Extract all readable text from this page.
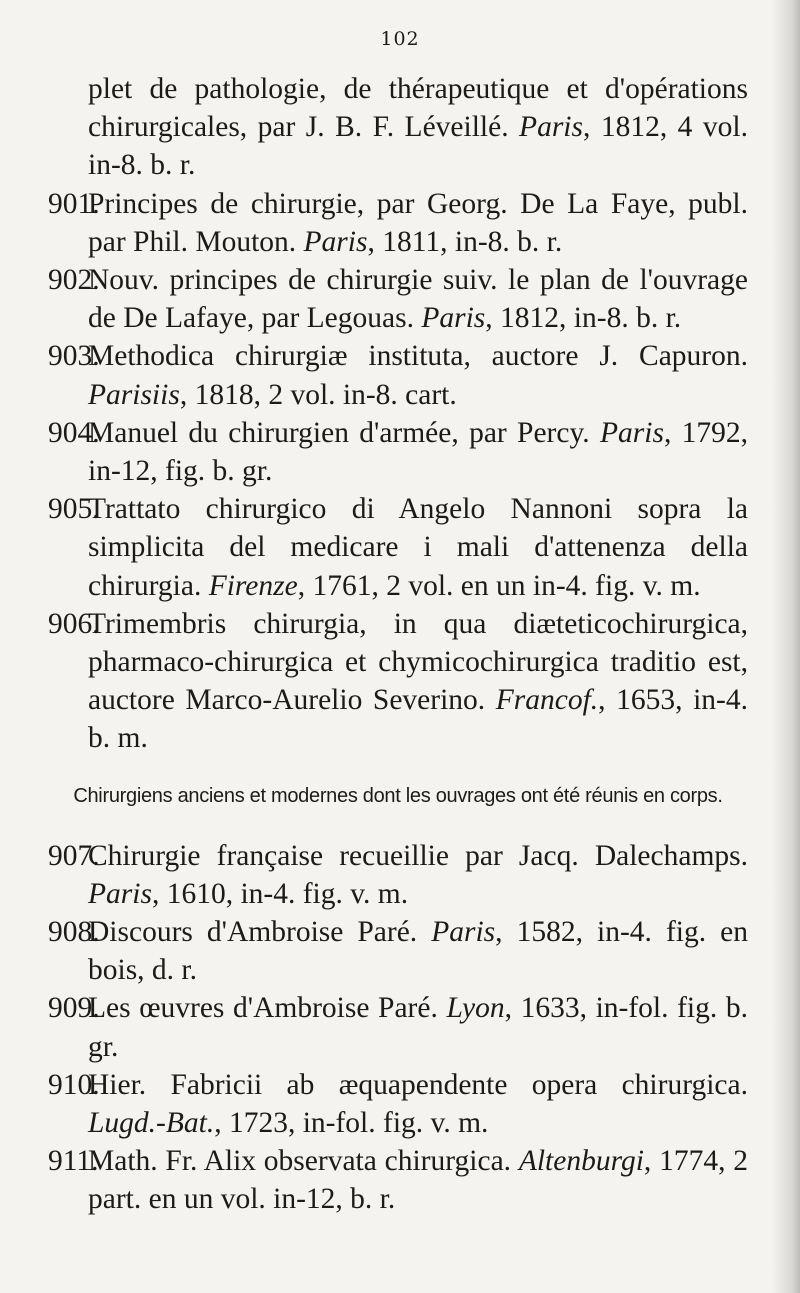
102
plet de pathologie, de thérapeutique et d'opérations chirurgicales, par J. B. F. Léveillé. Paris, 1812, 4 vol. in-8. b. r.
901.
Principes de chirurgie, par Georg. De La Faye, publ. par Phil. Mouton. Paris, 1811, in-8. b. r.
902.
Nouv. principes de chirurgie suiv. le plan de l'ouvrage de De Lafaye, par Legouas. Paris, 1812, in-8. b. r.
903.
Methodica chirurgiæ instituta, auctore J. Capuron. Parisiis, 1818, 2 vol. in-8. cart.
904.
Manuel du chirurgien d'armée, par Percy. Paris, 1792, in-12, fig. b. gr.
905.
Trattato chirurgico di Angelo Nannoni sopra la simplicita del medicare i mali d'attenenza della chirurgia. Firenze, 1761, 2 vol. en un in-4. fig. v. m.
906.
Trimembris chirurgia, in qua diæteticochirurgica, pharmaco-chirurgica et chymicochirurgica traditio est, auctore Marco-Aurelio Severino. Francof., 1653, in-4. b. m.
Chirurgiens anciens et modernes dont les ouvrages ont été réunis en corps.
907.
Chirurgie française recueillie par Jacq. Dalechamps. Paris, 1610, in-4. fig. v. m.
908.
Discours d'Ambroise Paré. Paris, 1582, in-4. fig. en bois, d. r.
909.
Les œuvres d'Ambroise Paré. Lyon, 1633, in-fol. fig. b. gr.
910.
Hier. Fabricii ab æquapendente opera chirurgica. Lugd.-Bat., 1723, in-fol. fig. v. m.
911.
Math. Fr. Alix observata chirurgica. Altenburgi, 1774, 2 part. en un vol. in-12, b. r.
